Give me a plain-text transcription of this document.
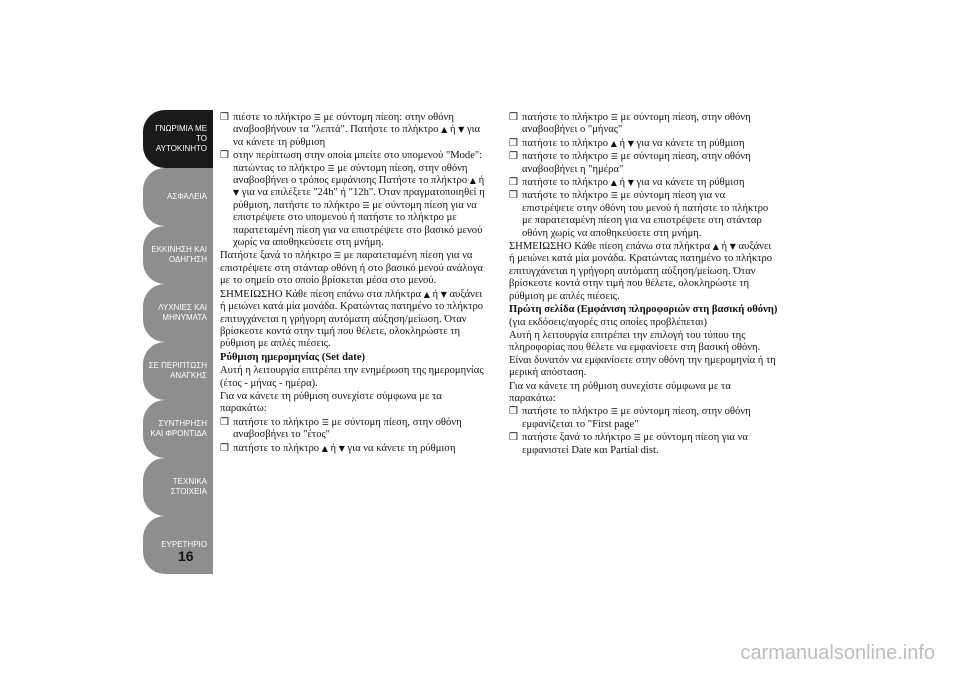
ΓΝΩΡΙΜΙΑ ΜΕ ΤΟ ΑΥΤΟΚΙΝΗΤΟ
ΑΣΦΑΛΕΙΑ
ΕΚΚΙΝΗΣΗ ΚΑΙ ΟΔΗΓΗΣΗ
ΛΥΧΝΙΕΣ ΚΑΙ ΜΗΝΥΜΑΤΑ
ΣΕ ΠΕΡΙΠΤΩΣΗ ΑΝΑΓΚΗΣ
ΣΥΝΤΗΡΗΣΗ ΚΑΙ ΦΡΟΝΤΙΔΑ
ΤΕΧΝΙΚΑ ΣΤΟΙΧΕΙΑ
ΕΥΡΕΤΗΡΙΟ
16
❒ πιέστε το πλήκτρο ☰ με σύντομη πίεση: στην οθόνη αναβοσβήνουν τα "λεπτά". Πατήστε το πλήκτρο ▲ ή ▼ για να κάνετε τη ρύθμιση
❒ στην περίπτωση στην οποία μπείτε στο υπομενού "Mode": πατώντας το πλήκτρο ☰ με σύντομη πίεση, στην οθόνη αναβοσβήνει ο τρόπος εμφάνισης Πατήστε το πλήκτρο ▲ ή ▼ για να επιλέξετε "24h" ή "12h". Όταν πραγματοποιηθεί η ρύθμιση, πατήστε το πλήκτρο ☰ με σύντομη πίεση για να επιστρέψετε στο υπομενού ή πατήστε το πλήκτρο με παρατεταμένη πίεση για να επιστρέψετε στο βασικό μενού χωρίς να αποθηκεύσετε στη μνήμη.
Πατήστε ξανά το πλήκτρο ☰ με παρατεταμένη πίεση για να επιστρέψετε στη στάνταρ οθόνη ή στο βασικό μενού ανάλογα με το σημείο στο οποίο βρίσκεται μέσα στο μενού.
ΣΗΜΕΙΩΣΗΟ Κάθε πίεση επάνω στα πλήκτρα ▲ ή ▼ αυξάνει ή μειώνει κατά μία μονάδα. Κρατώντας πατημένο το πλήκτρο επιτυγχάνεται η γρήγορη αυτόματη αύξηση/μείωση. Όταν βρίσκεστε κοντά στην τιμή που θέλετε, ολοκληρώστε τη ρύθμιση με απλές πιέσεις.
Ρύθμιση ημερομηνίας (Set date)
Αυτή η λειτουργία επιτρέπει την ενημέρωση της ημερομηνίας (έτος - μήνας - ημέρα).
Για να κάνετε τη ρύθμιση συνεχίστε σύμφωνα με τα παρακάτω:
❒ πατήστε το πλήκτρο ☰ με σύντομη πίεση, στην οθόνη αναβοσβήνει το "έτος"
❒ πατήστε το πλήκτρο ▲ ή ▼ για να κάνετε τη ρύθμιση
❒ πατήστε το πλήκτρο ☰ με σύντομη πίεση, στην οθόνη αναβοσβήνει ο "μήνας"
❒ πατήστε το πλήκτρο ▲ ή ▼ για να κάνετε τη ρύθμιση
❒ πατήστε το πλήκτρο ☰ με σύντομη πίεση, στην οθόνη αναβοσβήνει η "ημέρα"
❒ πατήστε το πλήκτρο ▲ ή ▼ για να κάνετε τη ρύθμιση
❒ πατήστε το πλήκτρο ☰ με σύντομη πίεση για να επιστρέψετε στην οθόνη του μενού ή πατήστε το πλήκτρο με παρατεταμένη πίεση για να επιστρέψετε στη στάνταρ οθόνη χωρίς να αποθηκεύσετε στη μνήμη.
ΣΗΜΕΙΩΣΗΟ Κάθε πίεση επάνω στα πλήκτρα ▲ ή ▼ αυξάνει ή μειώνει κατά μία μονάδα. Κρατώντας πατημένο το πλήκτρο επιτυγχάνεται η γρήγορη αυτόματη αύξηση/μείωση. Όταν βρίσκεστε κοντά στην τιμή που θέλετε, ολοκληρώστε τη ρύθμιση με απλές πιέσεις.
Πρώτη σελίδα (Εμφάνιση πληροφοριών στη βασική οθόνη) (για εκδόσεις/αγορές στις οποίες προβλέπεται)
Αυτή η λειτουργία επιτρέπει την επιλογή του τύπου της πληροφορίας που θέλετε να εμφανίσετε στη βασική οθόνη. Είναι δυνατόν να εμφανίσετε στην οθόνη την ημερομηνία ή τη μερική απόσταση.
Για να κάνετε τη ρύθμιση συνεχίστε σύμφωνα με τα παρακάτω:
❒ πατήστε το πλήκτρο ☰ με σύντομη πίεση, στην οθόνη εμφανίζεται το "First page"
❒ πατήστε ξανά το πλήκτρο ☰ με σύντομη πίεση για να εμφανιστεί Date και Partial dist.
carmanualsonline.info
